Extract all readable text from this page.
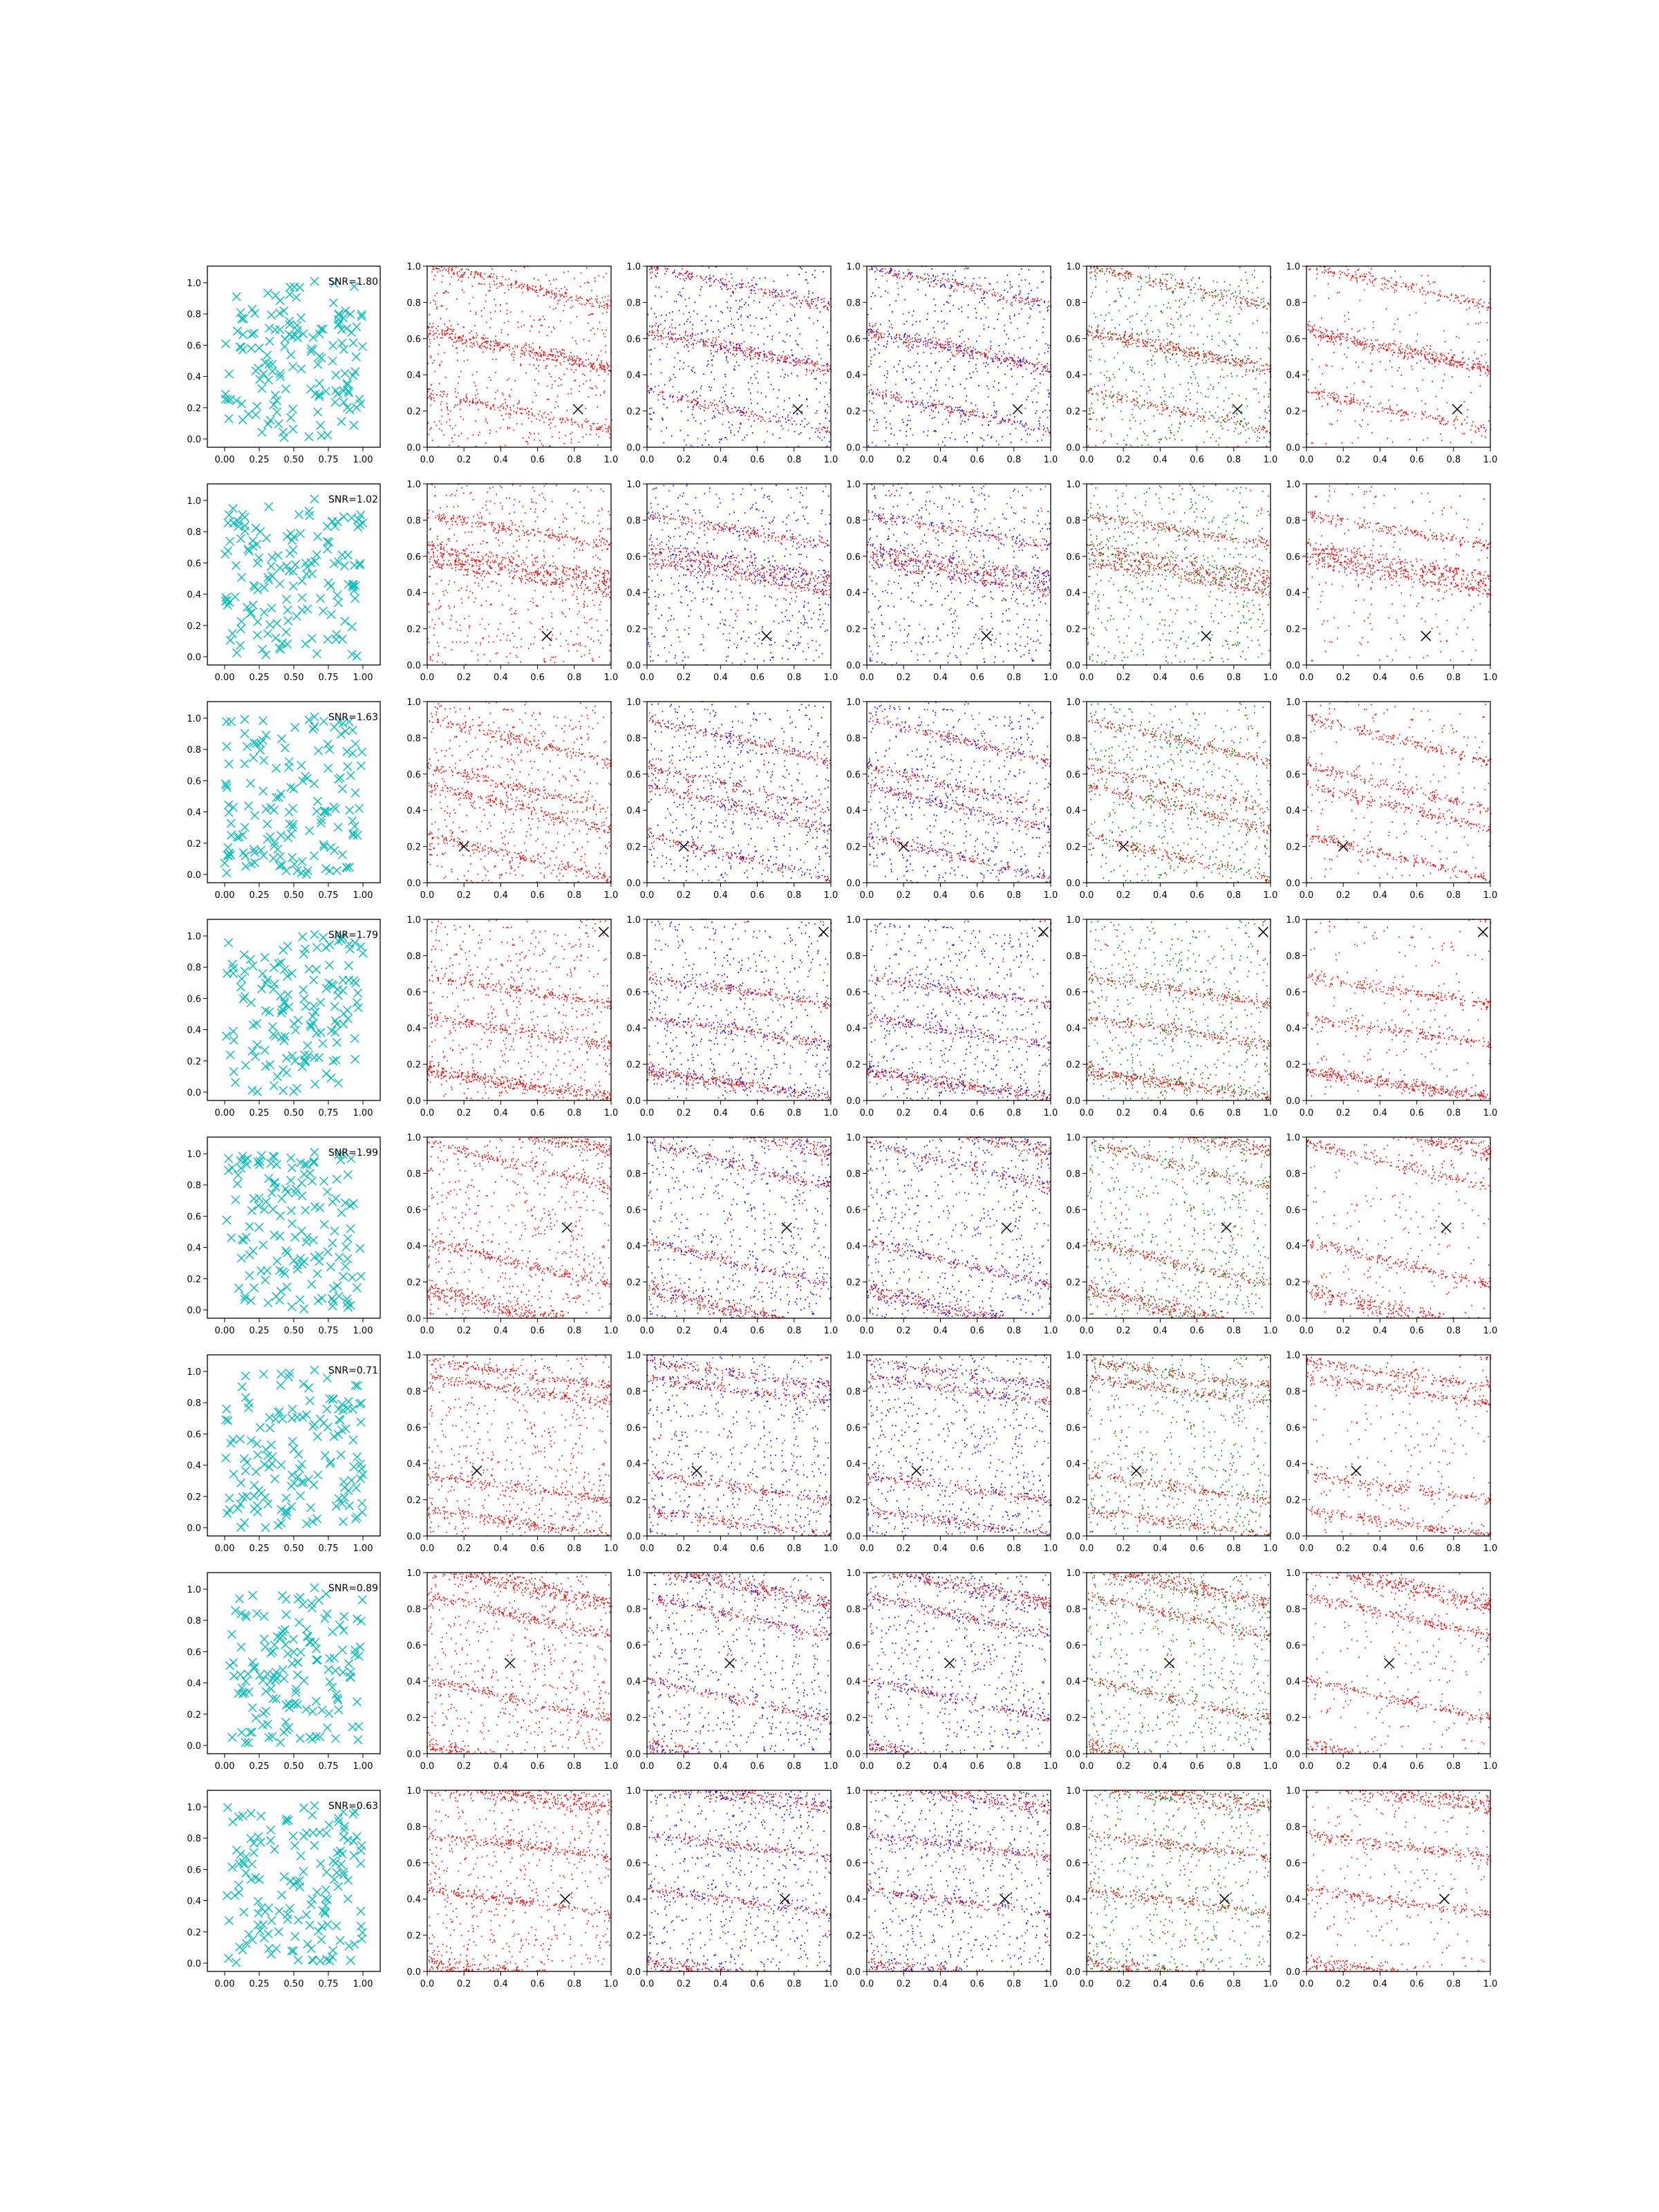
0.00 0.25 0.50 0.75 1.00
0.0
0.2
0.4
0.6
0.8
1.0	SNR=1.80
0.0	0.2	0.4	0.6	0.8	1.0
0.0
0.2
0.4
0.6
0.8
1.0
0.0	0.2	0.4	0.6	0.8	1.0
0.0
0.2
0.4
0.6
0.8
1.0
0.0	0.2	0.4	0.6	0.8	1.0
0.0
0.2
0.4
0.6
0.8
1.0
0.0	0.2	0.4	0.6	0.8	1.0
0.0
0.2
0.4
0.6
0.8
1.0
0.0	0.2	0.4	0.6	0.8	1.0
0.0
0.2
0.4
0.6
0.8
1.0
0.00 0.25 0.50 0.75 1.00
0.0
0.2
0.4
0.6
0.8
1.0	SNR=1.02
0.0	0.2	0.4	0.6	0.8	1.0
0.0
0.2
0.4
0.6
0.8
1.0
0.0	0.2	0.4	0.6	0.8	1.0
0.0
0.2
0.4
0.6
0.8
1.0
0.0	0.2	0.4	0.6	0.8	1.0
0.0
0.2
0.4
0.6
0.8
1.0
0.0	0.2	0.4	0.6	0.8	1.0
0.0
0.2
0.4
0.6
0.8
1.0
0.0	0.2	0.4	0.6	0.8	1.0
0.0
0.2
0.4
0.6
0.8
1.0
0.00 0.25 0.50 0.75 1.00
0.0
0.2
0.4
0.6
0.8
1.0	SNR=1.63
0.0	0.2	0.4	0.6	0.8	1.0
0.0
0.2
0.4
0.6
0.8
1.0
0.0	0.2	0.4	0.6	0.8	1.0
0.0
0.2
0.4
0.6
0.8
1.0
0.0	0.2	0.4	0.6	0.8	1.0
0.0
0.2
0.4
0.6
0.8
1.0
0.0	0.2	0.4	0.6	0.8	1.0
0.0
0.2
0.4
0.6
0.8
1.0
0.0	0.2	0.4	0.6	0.8	1.0
0.0
0.2
0.4
0.6
0.8
1.0
0.00 0.25 0.50 0.75 1.00
0.0
0.2
0.4
0.6
0.8
1.0	SNR=1.79
0.0	0.2	0.4	0.6	0.8	1.0
0.0
0.2
0.4
0.6
0.8
1.0
0.0	0.2	0.4	0.6	0.8	1.0
0.0
0.2
0.4
0.6
0.8
1.0
0.0	0.2	0.4	0.6	0.8	1.0
0.0
0.2
0.4
0.6
0.8
1.0
0.0	0.2	0.4	0.6	0.8	1.0
0.0
0.2
0.4
0.6
0.8
1.0
0.0	0.2	0.4	0.6	0.8	1.0
0.0
0.2
0.4
0.6
0.8
1.0
0.00 0.25 0.50 0.75 1.00
0.0
0.2
0.4
0.6
0.8
1.0	SNR=1.99
0.0	0.2	0.4	0.6	0.8	1.0
0.0
0.2
0.4
0.6
0.8
1.0
0.0	0.2	0.4	0.6	0.8	1.0
0.0
0.2
0.4
0.6
0.8
1.0
0.0	0.2	0.4	0.6	0.8	1.0
0.0
0.2
0.4
0.6
0.8
1.0
0.0	0.2	0.4	0.6	0.8	1.0
0.0
0.2
0.4
0.6
0.8
1.0
0.0	0.2	0.4	0.6	0.8	1.0
0.0
0.2
0.4
0.6
0.8
1.0
0.00 0.25 0.50 0.75 1.00
0.0
0.2
0.4
0.6
0.8
1.0	SNR=0.71
0.0	0.2	0.4	0.6	0.8	1.0
0.0
0.2
0.4
0.6
0.8
1.0
0.0	0.2	0.4	0.6	0.8	1.0
0.0
0.2
0.4
0.6
0.8
1.0
0.0	0.2	0.4	0.6	0.8	1.0
0.0
0.2
0.4
0.6
0.8
1.0
0.0	0.2	0.4	0.6	0.8	1.0
0.0
0.2
0.4
0.6
0.8
1.0
0.0	0.2	0.4	0.6	0.8	1.0
0.0
0.2
0.4
0.6
0.8
1.0
0.00 0.25 0.50 0.75 1.00
0.0
0.2
0.4
0.6
0.8
1.0	SNR=0.89
0.0	0.2	0.4	0.6	0.8	1.0
0.0
0.2
0.4
0.6
0.8
1.0
0.0	0.2	0.4	0.6	0.8	1.0
0.0
0.2
0.4
0.6
0.8
1.0
0.0	0.2	0.4	0.6	0.8	1.0
0.0
0.2
0.4
0.6
0.8
1.0
0.0	0.2	0.4	0.6	0.8	1.0
0.0
0.2
0.4
0.6
0.8
1.0
0.0	0.2	0.4	0.6	0.8	1.0
0.0
0.2
0.4
0.6
0.8
1.0
0.00 0.25 0.50 0.75 1.00
0.0
0.2
0.4
0.6
0.8
1.0	SNR=0.63
0.0	0.2	0.4	0.6	0.8	1.0
0.0
0.2
0.4
0.6
0.8
1.0
0.0	0.2	0.4	0.6	0.8	1.0
0.0
0.2
0.4
0.6
0.8
1.0
0.0	0.2	0.4	0.6	0.8	1.0
0.0
0.2
0.4
0.6
0.8
1.0
0.0	0.2	0.4	0.6	0.8	1.0
0.0
0.2
0.4
0.6
0.8
1.0
0.0	0.2	0.4	0.6	0.8	1.0
0.0
0.2
0.4
0.6
0.8
1.0
